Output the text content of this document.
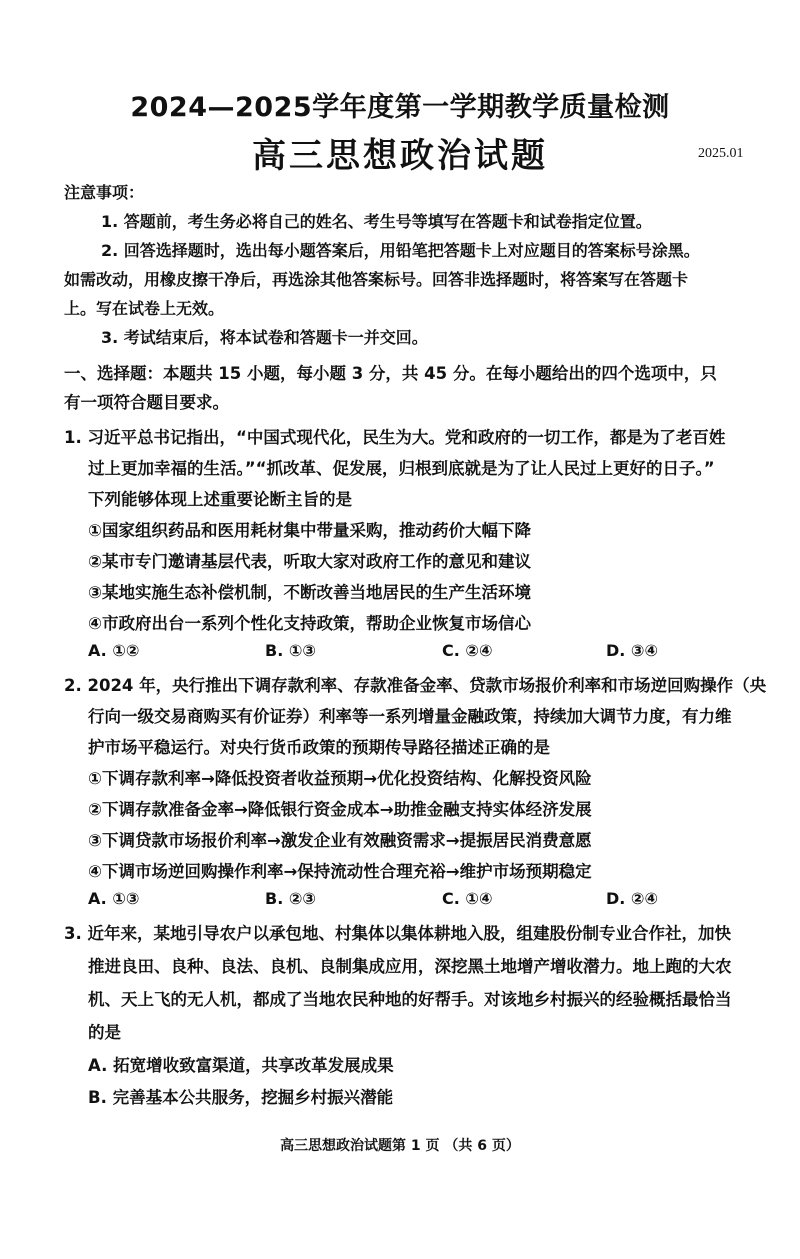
2024—2025学年度第一学期教学质量检测
高三思想政治试题	2025.01
注意事项：
1. 答题前，考生务必将自己的姓名、考生号等填写在答题卡和试卷指定位置。
2. 回答选择题时，选出每小题答案后，用铅笔把答题卡上对应题目的答案标号涂黑。
如需改动，用橡皮擦干净后，再选涂其他答案标号。回答非选择题时，将答案写在答题卡
上。写在试卷上无效。
3. 考试结束后，将本试卷和答题卡一并交回。
一、选择题：本题共 15 小题，每小题 3 分，共 45 分。在每小题给出的四个选项中，只
有一项符合题目要求。
1. 习近平总书记指出，“中国式现代化，民生为大。党和政府的一切工作，都是为了老百姓
过上更加幸福的生活。”“抓改革、促发展，归根到底就是为了让人民过上更好的日子。”
下列能够体现上述重要论断主旨的是
①国家组织药品和医用耗材集中带量采购，推动药价大幅下降
②某市专门邀请基层代表，听取大家对政府工作的意见和建议
③某地实施生态补偿机制，不断改善当地居民的生产生活环境
④市政府出台一系列个性化支持政策，帮助企业恢复市场信心
A. ①②	B. ①③	C. ②④	D. ③④
2. 2024 年，央行推出下调存款利率、存款准备金率、贷款市场报价利率和市场逆回购操作（央
行向一级交易商购买有价证券）利率等一系列增量金融政策，持续加大调节力度，有力维
护市场平稳运行。对央行货币政策的预期传导路径描述正确的是
①下调存款利率→降低投资者收益预期→优化投资结构、化解投资风险
②下调存款准备金率→降低银行资金成本→助推金融支持实体经济发展
③下调贷款市场报价利率→激发企业有效融资需求→提振居民消费意愿
④下调市场逆回购操作利率→保持流动性合理充裕→维护市场预期稳定
A. ①③	B. ②③	C. ①④	D. ②④
3. 近年来，某地引导农户以承包地、村集体以集体耕地入股，组建股份制专业合作社，加快
推进良田、良种、良法、良机、良制集成应用，深挖黑土地增产增收潜力。地上跑的大农
机、天上飞的无人机，都成了当地农民种地的好帮手。对该地乡村振兴的经验概括最恰当
的是
A. 拓宽增收致富渠道，共享改革发展成果
B. 完善基本公共服务，挖掘乡村振兴潜能
高三思想政治试题第 1 页 （共 6 页）
